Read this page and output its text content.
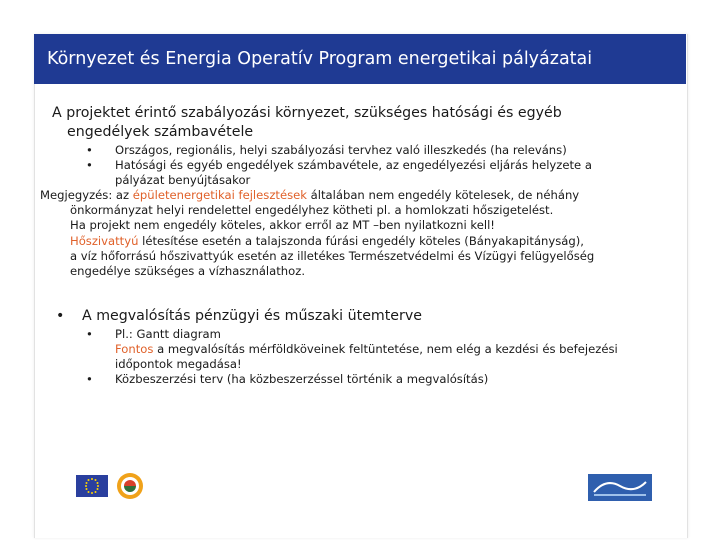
Környezet és Energia Operatív Program energetikai pályázatai
A projektet érintő szabályozási környezet, szükséges hatósági és egyéb
engedélyek számbavétele
• Országos, regionális, helyi szabályozási tervhez való illeszkedés (ha releváns)
• Hatósági és egyéb engedélyek számbavétele, az engedélyezési eljárás helyzete a
pályázat benyújtásakor
Megjegyzés: az épületenergetikai fejlesztések általában nem engedély kötelesek, de néhány
önkormányzat helyi rendelettel engedélyhez kötheti pl. a homlokzati hőszigetelést.
Ha projekt nem engedély köteles, akkor erről az MT –ben nyilatkozni kell!
Hőszivattyú létesítése esetén a talajszonda fúrási engedély köteles (Bányakapitányság),
a víz hőforrású hőszivattyúk esetén az illetékes Természetvédelmi és Vízügyi felügyelőség
engedélye szükséges a vízhasználathoz.
• A megvalósítás pénzügyi és műszaki ütemterve
• Pl.: Gantt diagram
Fontos a megvalósítás mérföldköveinek feltüntetése, nem elég a kezdési és befejezési
időpontok megadása!
• Közbeszerzési terv (ha közbeszerzéssel történik a megvalósítás)
